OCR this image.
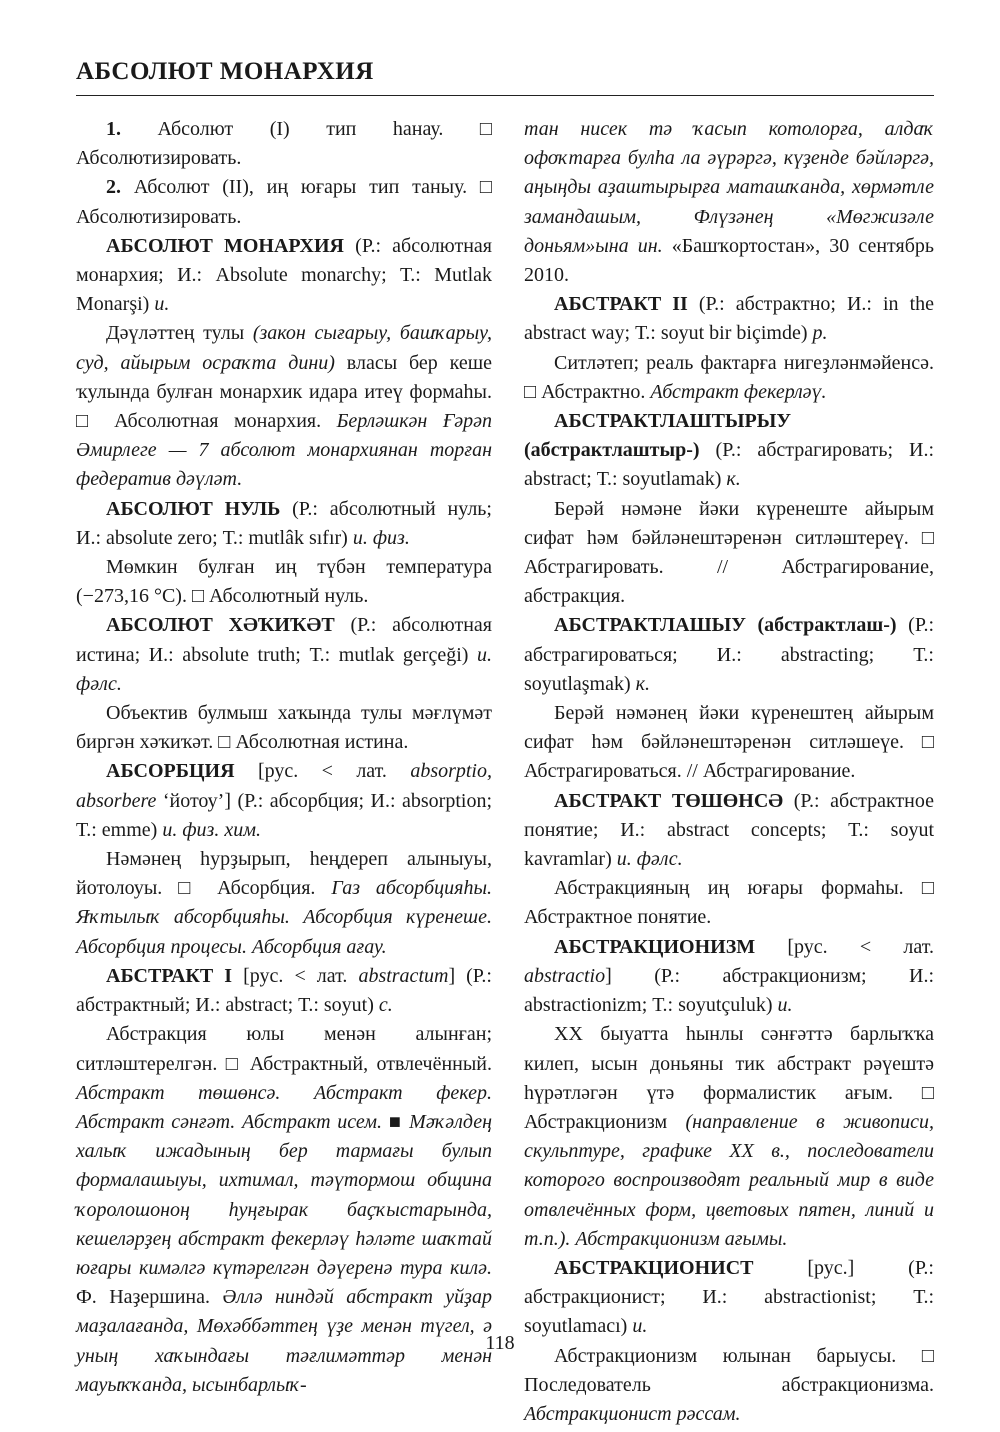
АБСОЛЮТ МОНАРХИЯ

1. Абсолют (I) тип һанау. □ Абсолютизировать.

2. Абсолют (II), иң юғары тип таныу. □ Абсолютизировать.

АБСОЛЮТ МОНАРХИЯ (Р.: абсолютная монархия; И.: Absolute monarchy; Т.: Mutlak Monarşi) и.

Дәүләттең тулы (закон сығарыу, башҡарыу, суд, айырым осраҡта дини) власы бер кеше ҡулында булған монархик идара итеү формаһы. □ Абсолютная монархия. Берләшкән Ғәрәп Әмирлеге — 7 абсолют монархиянан торған федератив дәүләт.

АБСОЛЮТ НУЛЬ (Р.: абсолютный нуль; И.: absolute zero; Т.: mutlâk sıfır) и. физ.

Мөмкин булған иң түбән температура (−273,16 °С). □ Абсолютный нуль.

АБСОЛЮТ ХӘҠИҠӘТ (Р.: абсолютная истина; И.: absolute truth; Т.: mutlak gerçeği) и. фәлс.

Объектив булмыш хаҡында тулы мәғлүмәт биргән хәҡиҡәт. □ Абсолютная истина.

АБСОРБЦИЯ [рус. < лат. absorptio, absorbere ‘йотоу’] (Р.: абсорбция; И.: absorption; Т.: emme) и. физ. хим.

Нәмәнең һурҙырып, һеңдереп алыныуы, йотолоуы. □ Абсорбция. Газ абсорбцияһы. Яҡтылыҡ абсорбцияһы. Абсорбция күренеше. Абсорбция процесы. Абсорбция ағау.

АБСТРАКТ I [рус. < лат. abstractum] (Р.: абстрактный; И.: abstract; Т.: soyut) с.

Абстракция юлы менән алынған; ситләштерелгән. □ Абстрактный, отвлечённый. Абстракт төшөнсә. Абстракт фекер. Абстракт сәнғәт. Абстракт исем. ■ Мәҡәлдең халыҡ ижадының бер тармағы булып формалашыуы, ихтимал, тәүтормош община ҡоролошоноң һуңғырак баҫҡыстарында, кешеләрҙең абстракт фекерләү һәләте шаҡтай юғары кимәлгә күтәрелгән дәүеренә тура килә. Ф. Наҙершина. Әллә ниндәй абстракт уйҙар маҙалағанда, Мөхәббәттең үҙе менән түгел, ә уның хаҡындағы тәғлимәттәр менән мауыҡҡанда, ысынбарлыҡ-

тан нисек тә ҡасып котолорға, алдаҡ офоҡтарға булһа ла әүрәргә, күҙенде бәйләргә, аңыңды аҙаштырырға маташҡанда, хөрмәтле замандашым, Флүзәнең «Мөгжизәле доньям»ына ин. «Башҡортостан», 30 сентябрь 2010.

АБСТРАКТ II (Р.: абстрактно; И.: in the abstract way; Т.: soyut bir biçimde) р.

Ситләтеп; реаль фактарға нигеҙләнмәйенсә. □ Абстрактно. Абстракт фекерләү.

АБСТРАКТЛАШТЫРЫУ (абстрактлаштыр-) (Р.: абстрагировать; И.: abstract; Т.: soyutlamak) к.

Берәй нәмәне йәки күренеште айырым сифат һәм бәйләнештәренән ситләштереү. □ Абстрагировать. // Абстрагирование, абстракция.

АБСТРАКТЛАШЫУ (абстрактлаш-) (Р.: абстрагироваться; И.: abstracting; Т.: soyutlaşmak) к.

Берәй нәмәнең йәки күренештең айырым сифат һәм бәйләнештәренән ситләшеүе. □ Абстрагироваться. // Абстрагирование.

АБСТРАКТ ТӨШӨНСӘ (Р.: абстрактное понятие; И.: abstract concepts; Т.: soyut kavramlar) и. фәлс.

Абстракцияның иң юғары формаһы. □ Абстрактное понятие.

АБСТРАКЦИОНИЗМ [рус. < лат. abstractio] (Р.: абстракционизм; И.: abstractionizm; Т.: soyutçuluk) и.

XX быуатта һынлы сәнғәттә барлыҡҡа килеп, ысын доньяны тик абстракт рәүештә һүрәтләгән үтә формалистик ағым. □ Абстракционизм (направление в живописи, скульптуре, графике XX в., последователи которого воспроизводят реальный мир в виде отвлечённых форм, цветовых пятен, линий и т.п.). Абстракционизм ағымы.

АБСТРАКЦИОНИСТ [рус.] (Р.: абстракционист; И.: abstractionist; Т.: soyutlamacı) и.

Абстракционизм юлынан барыусы. □ Последователь абстракционизма. Абстракционист рәссам.

118
